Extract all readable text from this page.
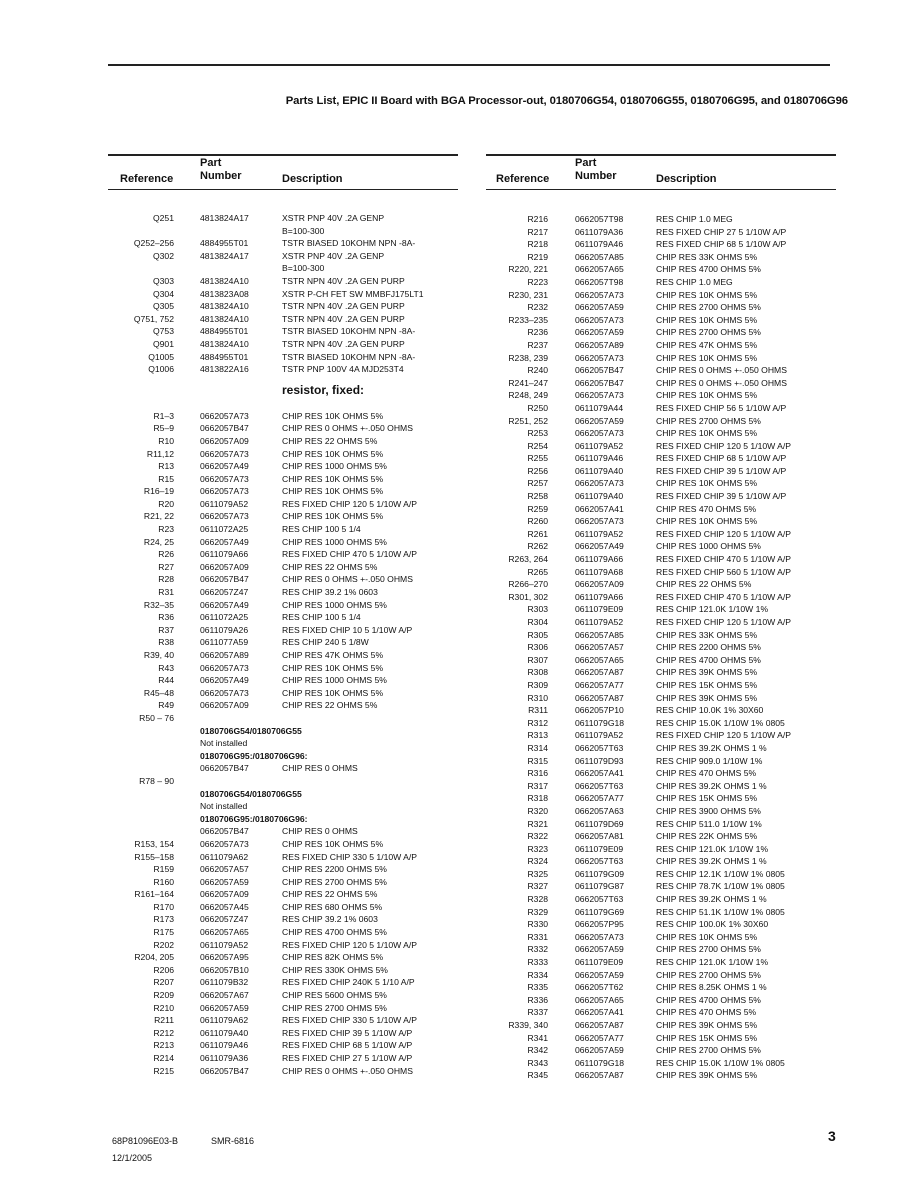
Parts List, EPIC II Board with BGA Processor-out, 0180706G54, 0180706G55, 0180706G95, and 0180706G96
Part
Number
Reference	Description
Q251	4813824A17	XSTR PNP 40V .2A GENP
B=100-300
Q252–256	4884955T01	TSTR BIASED 10KOHM NPN -8A-
Q302	4813824A17	XSTR PNP 40V .2A GENP
B=100-300
Q303	4813824A10	TSTR NPN 40V .2A GEN PURP
Q304	4813823A08	XSTR P-CH FET SW MMBFJ175LT1
Q305	4813824A10	TSTR NPN 40V .2A GEN PURP
Q751, 752	4813824A10	TSTR NPN 40V .2A GEN PURP
Q753	4884955T01	TSTR BIASED 10KOHM NPN -8A-
Q901	4813824A10	TSTR NPN 40V .2A GEN PURP
Q1005	4884955T01	TSTR BIASED 10KOHM NPN -8A-
Q1006	4813822A16	TSTR PNP 100V 4A MJD253T4
resistor, fixed:
R1–3	0662057A73	CHIP RES 10K OHMS 5%
R5–9	0662057B47	CHIP RES 0 OHMS +-.050 OHMS
R10	0662057A09	CHIP RES 22 OHMS 5%
R11,12	0662057A73	CHIP RES 10K OHMS 5%
R13	0662057A49	CHIP RES 1000 OHMS 5%
R15	0662057A73	CHIP RES 10K OHMS 5%
R16–19	0662057A73	CHIP RES 10K OHMS 5%
R20	0611079A52	RES FIXED CHIP 120 5 1/10W A/P
R21, 22	0662057A73	CHIP RES 10K OHMS 5%
R23	0611072A25	RES CHIP 100 5 1/4
R24, 25	0662057A49	CHIP RES 1000 OHMS 5%
R26	0611079A66	RES FIXED CHIP 470 5 1/10W A/P
R27	0662057A09	CHIP RES 22 OHMS 5%
R28	0662057B47	CHIP RES 0 OHMS +-.050 OHMS
R31	0662057Z47	RES CHIP 39.2 1% 0603
R32–35	0662057A49	CHIP RES 1000 OHMS 5%
R36	0611072A25	RES CHIP 100 5 1/4
R37	0611079A26	RES FIXED CHIP 10 5 1/10W A/P
R38	0611077A59	RES CHIP 240 5 1/8W
R39, 40	0662057A89	CHIP RES 47K OHMS 5%
R43	0662057A73	CHIP RES 10K OHMS 5%
R44	0662057A49	CHIP RES 1000 OHMS 5%
R45–48	0662057A73	CHIP RES 10K OHMS 5%
R49	0662057A09	CHIP RES 22 OHMS 5%
R50 – 76
0180706G54/0180706G55
Not installed
0180706G95:/0180706G96:
0662057B47	CHIP RES 0 OHMS
R78 – 90
0180706G54/0180706G55
Not installed
0180706G95:/0180706G96:
0662057B47	CHIP RES 0 OHMS
R153, 154	0662057A73	CHIP RES 10K OHMS 5%
R155–158	0611079A62	RES FIXED CHIP 330 5 1/10W A/P
R159	0662057A57	CHIP RES 2200 OHMS 5%
R160	0662057A59	CHIP RES 2700 OHMS 5%
R161–164	0662057A09	CHIP RES 22 OHMS 5%
R170	0662057A45	CHIP RES 680 OHMS 5%
R173	0662057Z47	RES CHIP 39.2 1% 0603
R175	0662057A65	CHIP RES 4700 OHMS 5%
R202	0611079A52	RES FIXED CHIP 120 5 1/10W A/P
R204, 205	0662057A95	CHIP RES 82K OHMS 5%
R206	0662057B10	CHIP RES 330K OHMS 5%
R207	0611079B32	RES FIXED CHIP 240K 5 1/10 A/P
R209	0662057A67	CHIP RES 5600 OHMS 5%
R210	0662057A59	CHIP RES 2700 OHMS 5%
R211	0611079A62	RES FIXED CHIP 330 5 1/10W A/P
R212	0611079A40	RES FIXED CHIP 39 5 1/10W A/P
R213	0611079A46	RES FIXED CHIP 68 5 1/10W A/P
R214	0611079A36	RES FIXED CHIP 27 5 1/10W A/P
R215	0662057B47	CHIP RES 0 OHMS +-.050 OHMS
Part
Number
Reference	Description
R216	0662057T98	RES CHIP 1.0 MEG
R217	0611079A36	RES FIXED CHIP 27 5 1/10W A/P
R218	0611079A46	RES FIXED CHIP 68 5 1/10W A/P
R219	0662057A85	CHIP RES 33K OHMS 5%
R220, 221	0662057A65	CHIP RES 4700 OHMS 5%
R223	0662057T98	RES CHIP 1.0 MEG
R230, 231	0662057A73	CHIP RES 10K OHMS 5%
R232	0662057A59	CHIP RES 2700 OHMS 5%
R233–235	0662057A73	CHIP RES 10K OHMS 5%
R236	0662057A59	CHIP RES 2700 OHMS 5%
R237	0662057A89	CHIP RES 47K OHMS 5%
R238, 239	0662057A73	CHIP RES 10K OHMS 5%
R240	0662057B47	CHIP RES 0 OHMS +-.050 OHMS
R241–247	0662057B47	CHIP RES 0 OHMS +-.050 OHMS
R248, 249	0662057A73	CHIP RES 10K OHMS 5%
R250	0611079A44	RES FIXED CHIP 56 5 1/10W A/P
R251, 252	0662057A59	CHIP RES 2700 OHMS 5%
R253	0662057A73	CHIP RES 10K OHMS 5%
R254	0611079A52	RES FIXED CHIP 120 5 1/10W A/P
R255	0611079A46	RES FIXED CHIP 68 5 1/10W A/P
R256	0611079A40	RES FIXED CHIP 39 5 1/10W A/P
R257	0662057A73	CHIP RES 10K OHMS 5%
R258	0611079A40	RES FIXED CHIP 39 5 1/10W A/P
R259	0662057A41	CHIP RES 470 OHMS 5%
R260	0662057A73	CHIP RES 10K OHMS 5%
R261	0611079A52	RES FIXED CHIP 120 5 1/10W A/P
R262	0662057A49	CHIP RES 1000 OHMS 5%
R263, 264	0611079A66	RES FIXED CHIP 470 5 1/10W A/P
R265	0611079A68	RES FIXED CHIP 560 5 1/10W A/P
R266–270	0662057A09	CHIP RES 22 OHMS 5%
R301, 302	0611079A66	RES FIXED CHIP 470 5 1/10W A/P
R303	0611079E09	RES CHIP 121.0K 1/10W 1%
R304	0611079A52	RES FIXED CHIP 120 5 1/10W A/P
R305	0662057A85	CHIP RES 33K OHMS 5%
R306	0662057A57	CHIP RES 2200 OHMS 5%
R307	0662057A65	CHIP RES 4700 OHMS 5%
R308	0662057A87	CHIP RES 39K OHMS 5%
R309	0662057A77	CHIP RES 15K OHMS 5%
R310	0662057A87	CHIP RES 39K OHMS 5%
R311	0662057P10	RES CHIP 10.0K 1% 30X60
R312	0611079G18	RES CHIP 15.0K 1/10W 1% 0805
R313	0611079A52	RES FIXED CHIP 120 5 1/10W A/P
R314	0662057T63	CHIP RES 39.2K OHMS 1 %
R315	0611079D93	RES CHIP 909.0 1/10W 1%
R316	0662057A41	CHIP RES 470 OHMS 5%
R317	0662057T63	CHIP RES 39.2K OHMS 1 %
R318	0662057A77	CHIP RES 15K OHMS 5%
R320	0662057A63	CHIP RES 3900 OHMS 5%
R321	0611079D69	RES CHIP 511.0 1/10W 1%
R322	0662057A81	CHIP RES 22K OHMS 5%
R323	0611079E09	RES CHIP 121.0K 1/10W 1%
R324	0662057T63	CHIP RES 39.2K OHMS 1 %
R325	0611079G09	RES CHIP 12.1K 1/10W 1% 0805
R327	0611079G87	RES CHIP 78.7K 1/10W 1% 0805
R328	0662057T63	CHIP RES 39.2K OHMS 1 %
R329	0611079G69	RES CHIP 51.1K 1/10W 1% 0805
R330	0662057P95	RES CHIP 100.0K 1% 30X60
R331	0662057A73	CHIP RES 10K OHMS 5%
R332	0662057A59	CHIP RES 2700 OHMS 5%
R333	0611079E09	RES CHIP 121.0K 1/10W 1%
R334	0662057A59	CHIP RES 2700 OHMS 5%
R335	0662057T62	CHIP RES 8.25K OHMS 1 %
R336	0662057A65	CHIP RES 4700 OHMS 5%
R337	0662057A41	CHIP RES 470 OHMS 5%
R339, 340	0662057A87	CHIP RES 39K OHMS 5%
R341	0662057A77	CHIP RES 15K OHMS 5%
R342	0662057A59	CHIP RES 2700 OHMS 5%
R343	0611079G18	RES CHIP 15.0K 1/10W 1% 0805
R345	0662057A87	CHIP RES 39K OHMS 5%
68P81096E03-B	SMR-6816
12/1/2005
3
